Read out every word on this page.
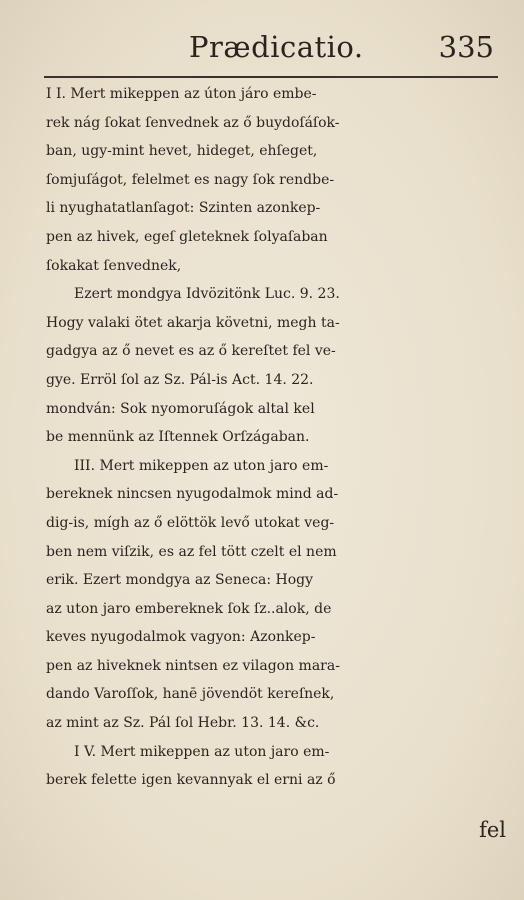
Prædicatio.	335
I I. Mert mikeppen az úton járo embe-
rek nág ſokat ſenvednek az ő buydoſáſok-
ban, ugy-mint hevet, hideget, ehſeget,
ſomjuſágot, felelmet es nagy ſok rendbe-
li nyughatatlanſagot: Szinten azonkep-
pen az hivek, egeſ gleteknek ſolyaſaban
ſokakat ſenvednek,
Ezert mondgya Idvözitönk Luc. 9. 23.
Hogy valaki ötet akarja követni, megh ta-
gadgya az ő nevet es az ő kereſtet fel ve-
gye. Erröl ſol az Sz. Pál-is Act. 14. 22.
mondván: Sok nyomoruſágok altal kel
be mennünk az Iſtennek Orſzágaban.
III. Mert mikeppen az uton jaro em-
bereknek nincsen nyugodalmok mind ad-
dig-is, mígh az ő elöttök levő utokat veg-
ben nem viſzik, es az fel tött czelt el nem
erik. Ezert mondgya az Seneca: Hogy
az uton jaro embereknek ſok ſz..alok, de
keves nyugodalmok vagyon: Azonkep-
pen az hiveknek nintsen ez vilagon mara-
dando Varoſſok, hanē jövendöt kereſnek,
az mint az Sz. Pál ſol Hebr. 13. 14. &c.
I V. Mert mikeppen az uton jaro em-
berek felette igen kevannyak el erni az ő
fel
